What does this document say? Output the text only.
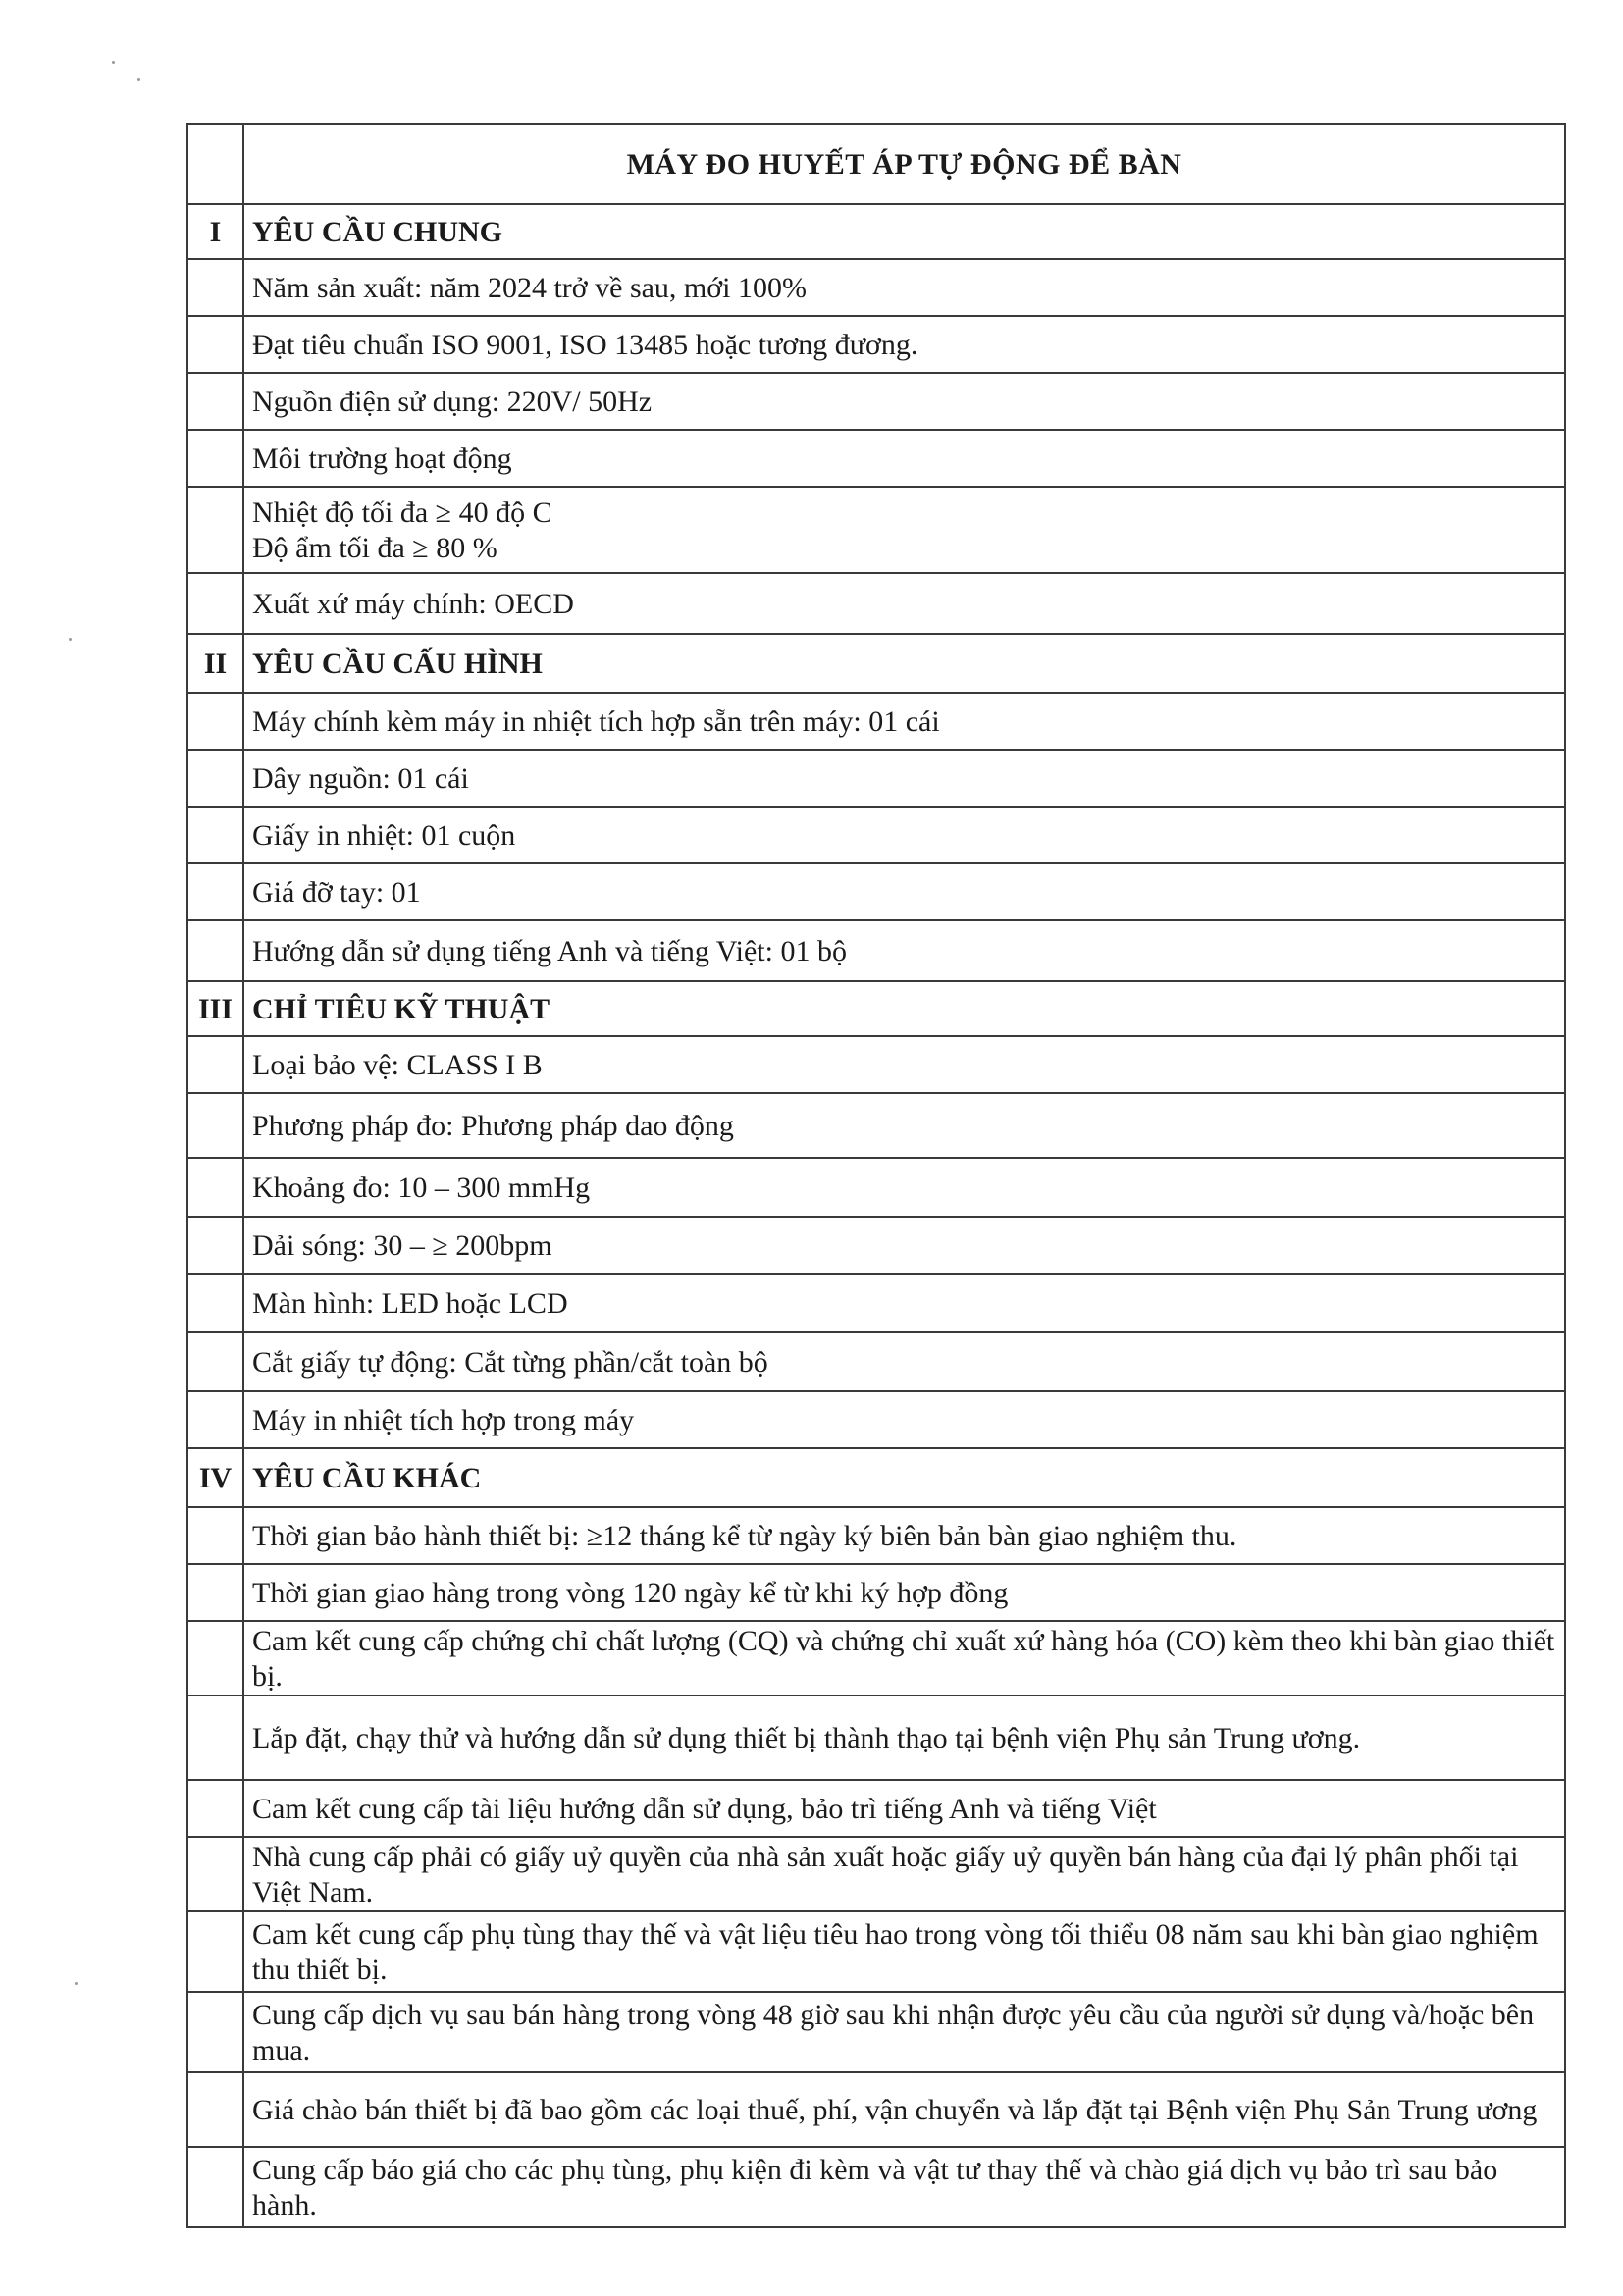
	MÁY ĐO HUYẾT ÁP TỰ ĐỘNG ĐỂ BÀN
I	YÊU CẦU CHUNG
	Năm sản xuất: năm 2024 trở về sau, mới 100%
	Đạt tiêu chuẩn ISO 9001, ISO 13485 hoặc tương đương.
	Nguồn điện sử dụng: 220V/ 50Hz
	Môi trường hoạt động
	Nhiệt độ tối đa ≥ 40 độ C
Độ ẩm tối đa ≥ 80 %
	Xuất xứ máy chính: OECD
II	YÊU CẦU CẤU HÌNH
	Máy chính kèm máy in nhiệt tích hợp sẵn trên máy: 01 cái
	Dây nguồn: 01 cái
	Giấy in nhiệt: 01 cuộn
	Giá đỡ tay: 01
	Hướng dẫn sử dụng tiếng Anh và tiếng Việt: 01 bộ
III	CHỈ TIÊU KỸ THUẬT
	Loại bảo vệ: CLASS I B
	Phương pháp đo: Phương pháp dao động
	Khoảng đo: 10 – 300 mmHg
	Dải sóng: 30 – ≥ 200bpm
	Màn hình: LED hoặc LCD
	Cắt giấy tự động: Cắt từng phần/cắt toàn bộ
	Máy in nhiệt tích hợp trong máy
IV	YÊU CẦU KHÁC
	Thời gian bảo hành thiết bị: ≥12 tháng kể từ ngày ký biên bản bàn giao nghiệm thu.
	Thời gian giao hàng trong vòng 120 ngày kể từ khi ký hợp đồng
	Cam kết cung cấp chứng chỉ chất lượng (CQ) và chứng chỉ xuất xứ hàng hóa (CO) kèm theo khi bàn giao thiết bị.
	Lắp đặt, chạy thử và hướng dẫn sử dụng thiết bị thành thạo tại bệnh viện Phụ sản Trung ương.
	Cam kết cung cấp tài liệu hướng dẫn sử dụng, bảo trì tiếng Anh và tiếng Việt
	Nhà cung cấp phải có giấy uỷ quyền của nhà sản xuất hoặc giấy uỷ quyền bán hàng của đại lý phân phối tại Việt Nam.
	Cam kết cung cấp phụ tùng thay thế và vật liệu tiêu hao trong vòng tối thiểu 08 năm sau khi bàn giao nghiệm thu thiết bị.
	Cung cấp dịch vụ sau bán hàng trong vòng 48 giờ sau khi nhận được yêu cầu của người sử dụng và/hoặc bên mua.
	Giá chào bán thiết bị đã bao gồm các loại thuế, phí, vận chuyển và lắp đặt tại Bệnh viện Phụ Sản Trung ương
	Cung cấp báo giá cho các phụ tùng, phụ kiện đi kèm và vật tư thay thế và chào giá dịch vụ bảo trì sau bảo hành.
